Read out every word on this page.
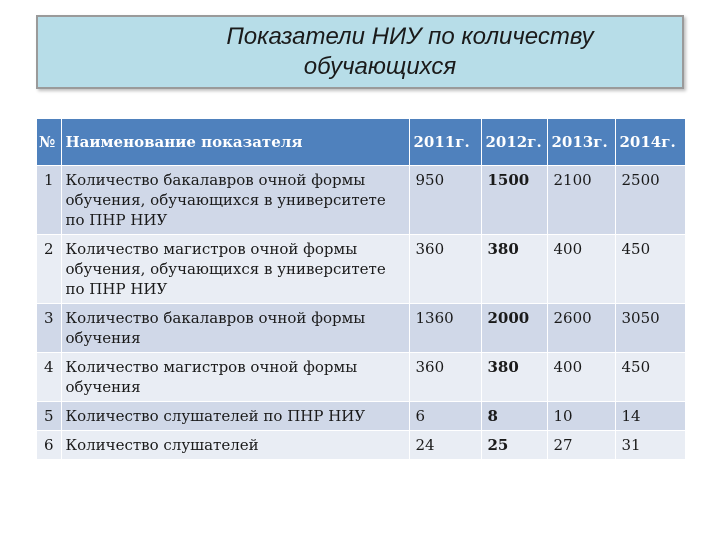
Показатели НИУ по количеству
обучающихся
№	Наименование показателя	2011г.	2012г.	2013г.	2014г.
1	Количество бакалавров очной формы обучения, обучающихся в университете по ПНР НИУ	950	1500	2100	2500
2	Количество магистров очной формы обучения, обучающихся в университете по ПНР НИУ	360	380	400	450
3	Количество бакалавров очной формы обучения	1360	2000	2600	3050
4	Количество магистров очной формы обучения	360	380	400	450
5	Количество слушателей по ПНР НИУ	6	8	10	14
6	Количество слушателей	24	25	27	31
